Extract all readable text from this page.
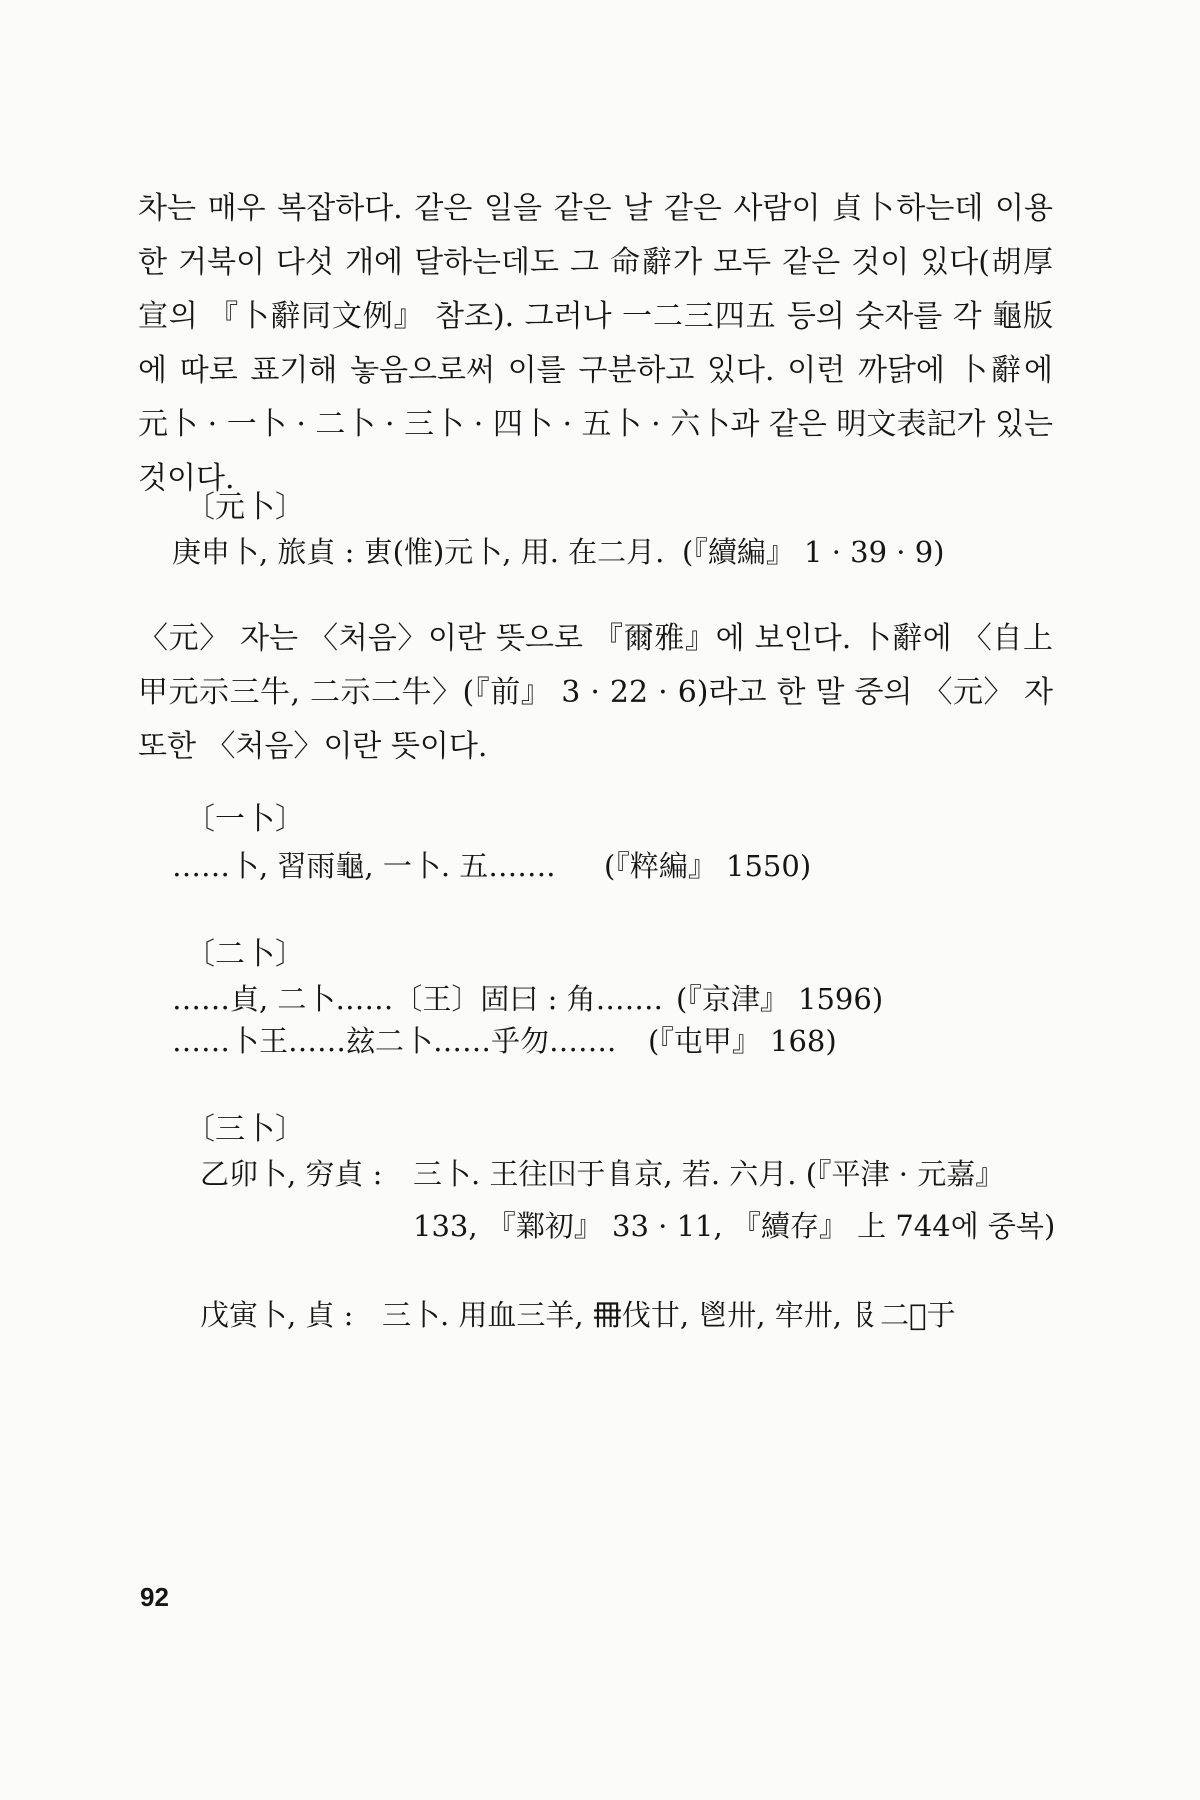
차는 매우 복잡하다. 같은 일을 같은 날 같은 사람이 貞卜하는데 이용한 거북이 다섯 개에 달하는데도 그 命辭가 모두 같은 것이 있다(胡厚宣의 『卜辭同文例』 참조). 그러나 一二三四五 등의 숫자를 각 龜版에 따로 표기해 놓음으로써 이를 구분하고 있다. 이런 까닭에 卜辭에 元卜 · 一卜 · 二卜 · 三卜 · 四卜 · 五卜 · 六卜과 같은 明文表記가 있는 것이다.

〔元卜〕

庚申卜, 旅貞 : 叀(惟)元卜, 用. 在二月. (『續編』 1 · 39 · 9)

〈元〉 자는 〈처음〉이란 뜻으로 『爾雅』에 보인다. 卜辭에 〈自上甲元示三牛, 二示二牛〉(『前』 3 · 22 · 6)라고 한 말 중의 〈元〉 자 또한 〈처음〉이란 뜻이다.

〔一卜〕

……卜, 習雨龜, 一卜. 五……. (『粹編』 1550)

〔二卜〕

……貞, 二卜……〔王〕固曰 : 角……. (『京津』 1596)
……卜王……玆二卜……乎勿……. (『屯甲』 168)

〔三卜〕

乙卯卜, 穷貞 : 三卜. 王往𡆥于𨸏京, 若. 六月. (『平津 · 元嘉』 133, 『鄴初』 33 · 11, 『續存』 上 744에 중복)
戊寅卜, 貞 : 三卜. 用血三羊, 𠕋伐廿, 鬯卅, 牢卅, 𠬝二𡚤于
92
